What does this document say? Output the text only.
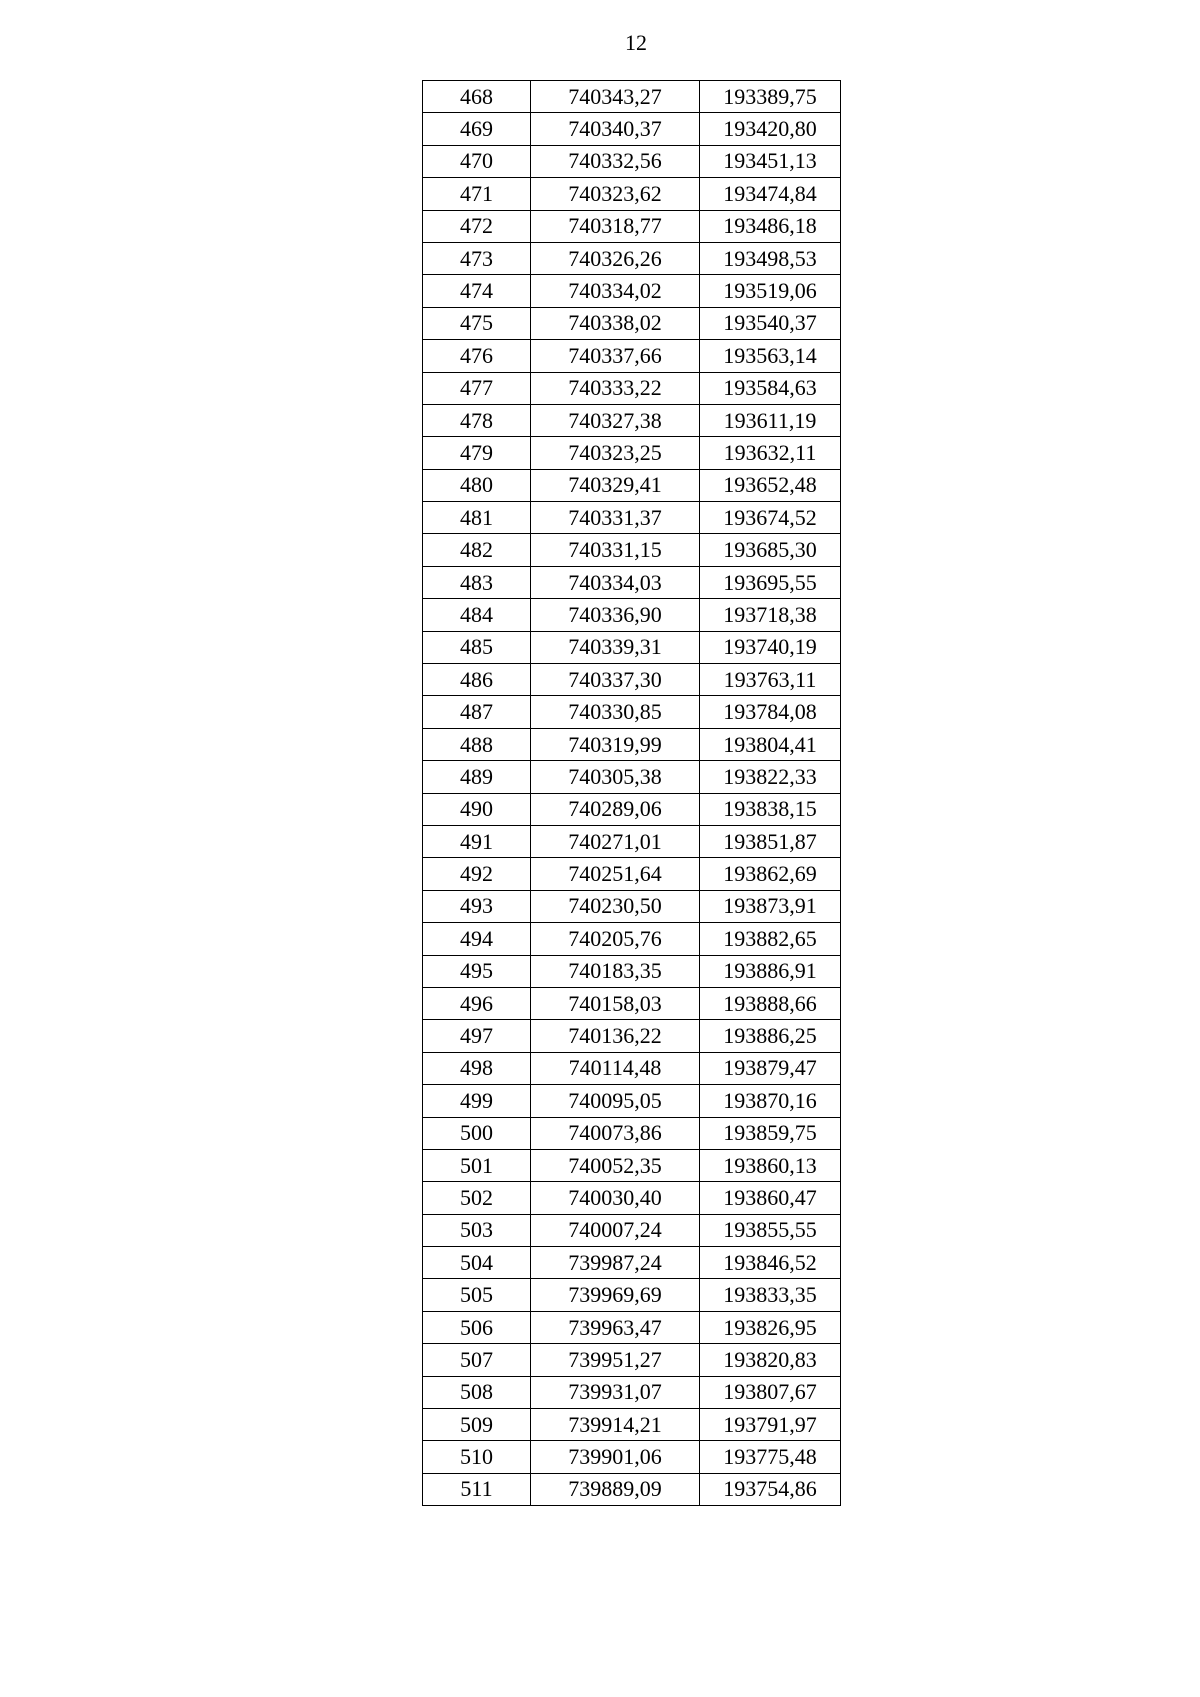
12
468	740343,27	193389,75
469	740340,37	193420,80
470	740332,56	193451,13
471	740323,62	193474,84
472	740318,77	193486,18
473	740326,26	193498,53
474	740334,02	193519,06
475	740338,02	193540,37
476	740337,66	193563,14
477	740333,22	193584,63
478	740327,38	193611,19
479	740323,25	193632,11
480	740329,41	193652,48
481	740331,37	193674,52
482	740331,15	193685,30
483	740334,03	193695,55
484	740336,90	193718,38
485	740339,31	193740,19
486	740337,30	193763,11
487	740330,85	193784,08
488	740319,99	193804,41
489	740305,38	193822,33
490	740289,06	193838,15
491	740271,01	193851,87
492	740251,64	193862,69
493	740230,50	193873,91
494	740205,76	193882,65
495	740183,35	193886,91
496	740158,03	193888,66
497	740136,22	193886,25
498	740114,48	193879,47
499	740095,05	193870,16
500	740073,86	193859,75
501	740052,35	193860,13
502	740030,40	193860,47
503	740007,24	193855,55
504	739987,24	193846,52
505	739969,69	193833,35
506	739963,47	193826,95
507	739951,27	193820,83
508	739931,07	193807,67
509	739914,21	193791,97
510	739901,06	193775,48
511	739889,09	193754,86
